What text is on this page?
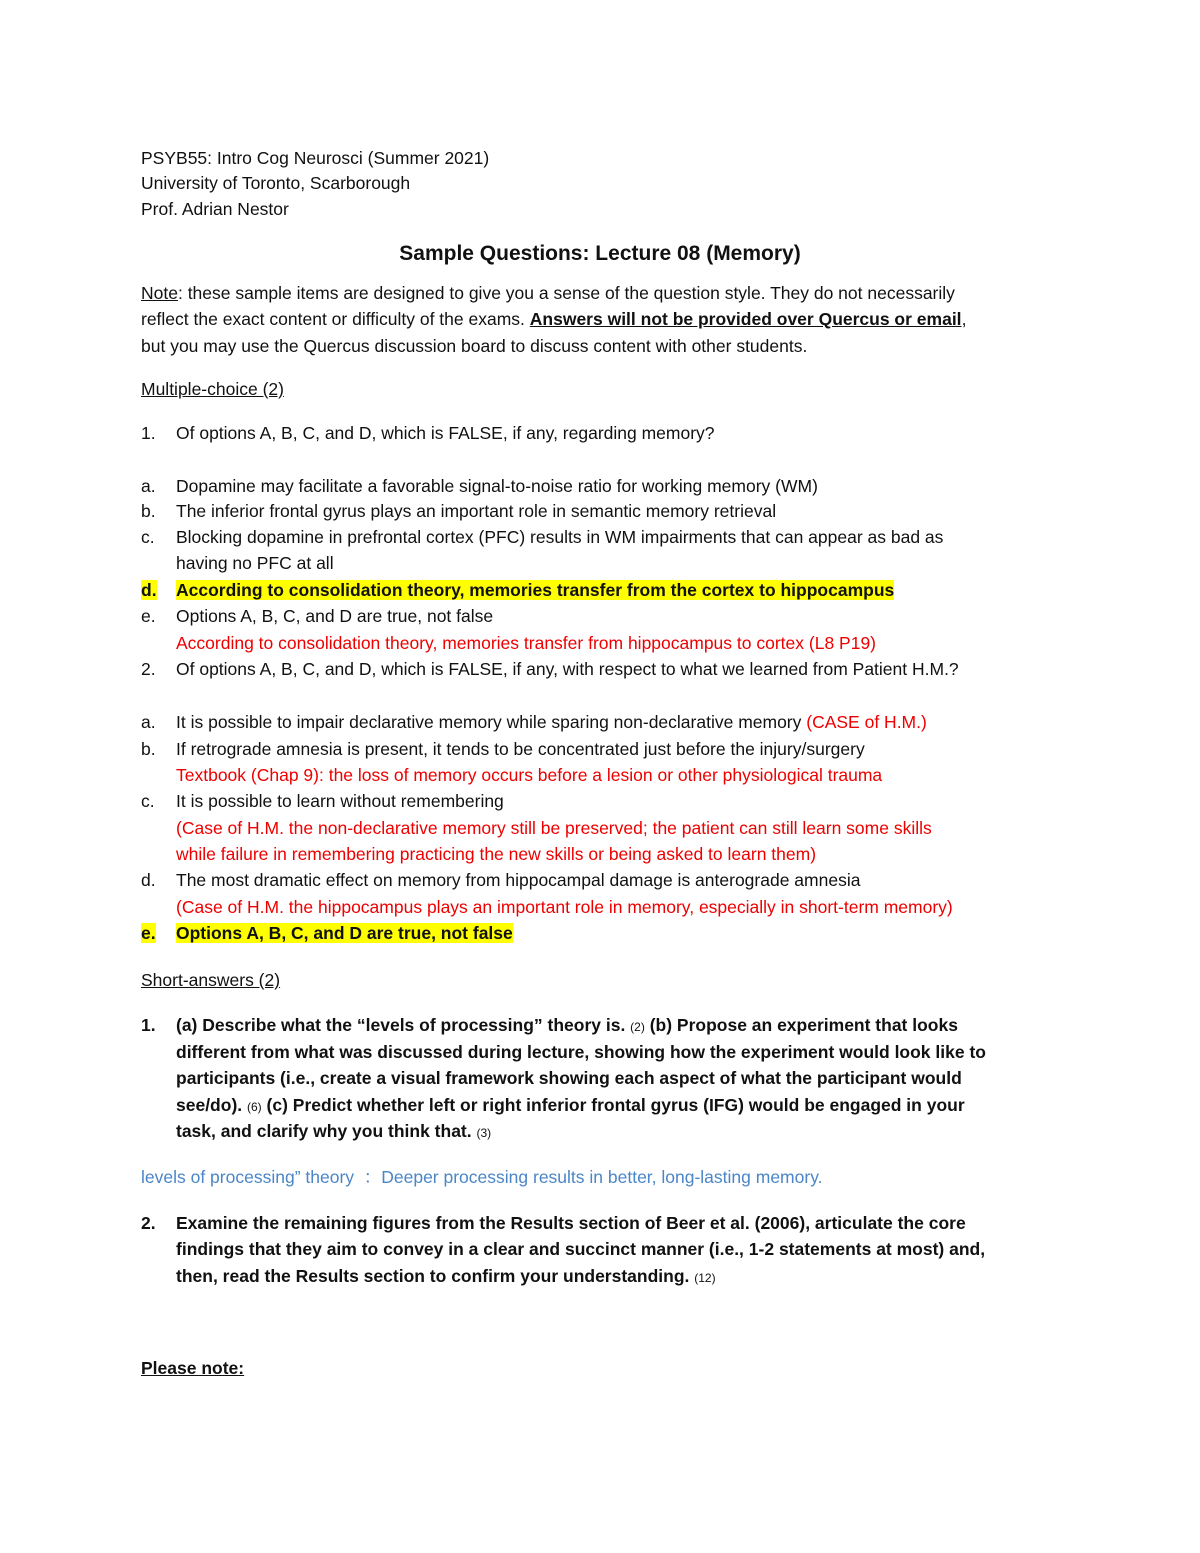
PSYB55: Intro Cog Neurosci (Summer 2021)
University of Toronto, Scarborough
Prof. Adrian Nestor
Sample Questions: Lecture 08 (Memory)
Note: these sample items are designed to give you a sense of the question style. They do not necessarily
reflect the exact content or difficulty of the exams. Answers will not be provided over Quercus or email,
but you may use the Quercus discussion board to discuss content with other students.
Multiple-choice (2)
1. Of options A, B, C, and D, which is FALSE, if any, regarding memory?
a. Dopamine may facilitate a favorable signal-to-noise ratio for working memory (WM)
b. The inferior frontal gyrus plays an important role in semantic memory retrieval
c. Blocking dopamine in prefrontal cortex (PFC) results in WM impairments that can appear as bad as
having no PFC at all
d. According to consolidation theory, memories transfer from the cortex to hippocampus
e. Options A, B, C, and D are true, not false
According to consolidation theory, memories transfer from hippocampus to cortex (L8 P19)
2. Of options A, B, C, and D, which is FALSE, if any, with respect to what we learned from Patient H.M.?
a. It is possible to impair declarative memory while sparing non-declarative memory (CASE of H.M.)
b. If retrograde amnesia is present, it tends to be concentrated just before the injury/surgery
Textbook (Chap 9): the loss of memory occurs before a lesion or other physiological trauma
c. It is possible to learn without remembering
(Case of H.M. the non-declarative memory still be preserved; the patient can still learn some skills
while failure in remembering practicing the new skills or being asked to learn them)
d. The most dramatic effect on memory from hippocampal damage is anterograde amnesia
(Case of H.M. the hippocampus plays an important role in memory, especially in short-term memory)
e. Options A, B, C, and D are true, not false
Short-answers (2)
1. (a) Describe what the “levels of processing” theory is. (2) (b) Propose an experiment that looks
different from what was discussed during lecture, showing how the experiment would look like to
participants (i.e., create a visual framework showing each aspect of what the participant would
see/do). (6) (c) Predict whether left or right inferior frontal gyrus (IFG) would be engaged in your
task, and clarify why you think that. (3)
levels of processing” theory  ：Deeper processing results in better, long-lasting memory.
2. Examine the remaining figures from the Results section of Beer et al. (2006), articulate the core
findings that they aim to convey in a clear and succinct manner (i.e., 1-2 statements at most) and,
then, read the Results section to confirm your understanding. (12)
Please note:
